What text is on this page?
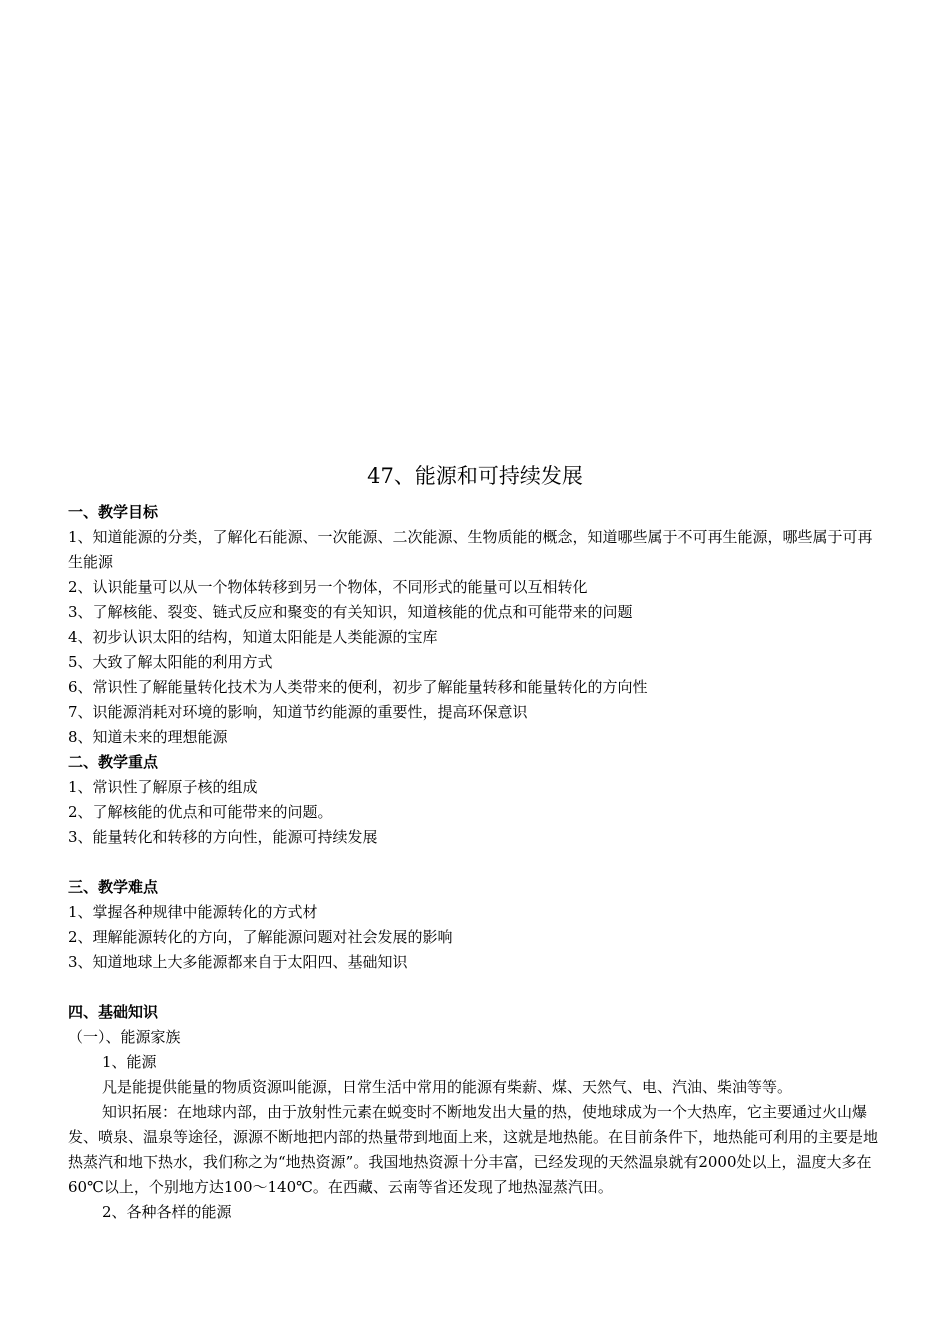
47、能源和可持续发展

一、教学目标

1、知道能源的分类，了解化石能源、一次能源、二次能源、生物质能的概念，知道哪些属于不可再生能源，哪些属于可再生能源

2、认识能量可以从一个物体转移到另一个物体，不同形式的能量可以互相转化

3、了解核能、裂变、链式反应和聚变的有关知识，知道核能的优点和可能带来的问题

4、初步认识太阳的结构，知道太阳能是人类能源的宝库

5、大致了解太阳能的利用方式

6、常识性了解能量转化技术为人类带来的便利，初步了解能量转移和能量转化的方向性

7、识能源消耗对环境的影响，知道节约能源的重要性，提高环保意识

8、知道未来的理想能源

二、教学重点

1、常识性了解原子核的组成

2、了解核能的优点和可能带来的问题。

3、能量转化和转移的方向性，能源可持续发展

三、教学难点

1、掌握各种规律中能源转化的方式材

2、理解能源转化的方向，了解能源问题对社会发展的影响

3、知道地球上大多能源都来自于太阳四、基础知识

四、基础知识

（一）、能源家族

1、能源

凡是能提供能量的物质资源叫能源，日常生活中常用的能源有柴薪、煤、天然气、电、汽油、柴油等等。

知识拓展：在地球内部，由于放射性元素在蜕变时不断地发出大量的热，使地球成为一个大热库，它主要通过火山爆发、喷泉、温泉等途径，源源不断地把内部的热量带到地面上来，这就是地热能。在目前条件下，地热能可利用的主要是地热蒸汽和地下热水，我们称之为“地热资源”。我国地热资源十分丰富，已经发现的天然温泉就有2000处以上，温度大多在60℃以上，个别地方达100～140℃。在西藏、云南等省还发现了地热湿蒸汽田。

2、各种各样的能源
